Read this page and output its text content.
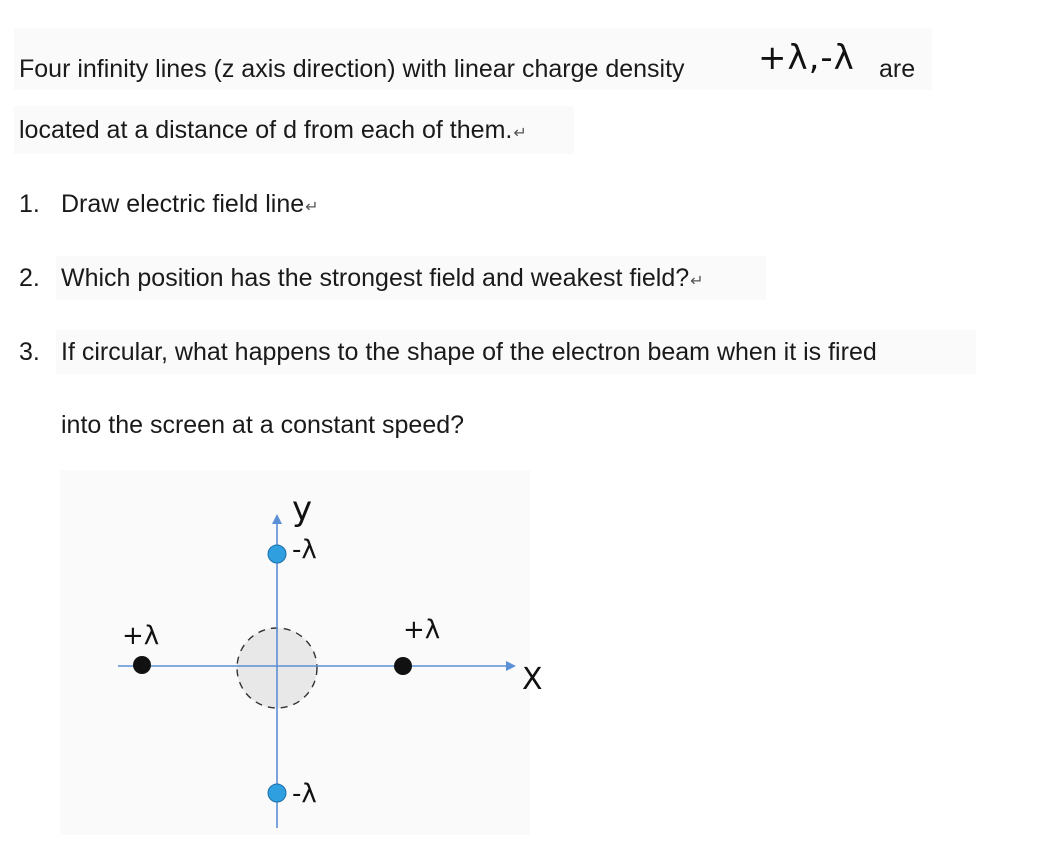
Four infinity lines (z axis direction) with linear charge density +λ,-λ are
located at a distance of d from each of them.↵
1. Draw electric field line↵
2. Which position has the strongest field and weakest field?↵
3. If circular, what happens to the shape of the electron beam when it is fired
into the screen at a constant speed?
y
X
-λ
-λ
+λ	+λ
